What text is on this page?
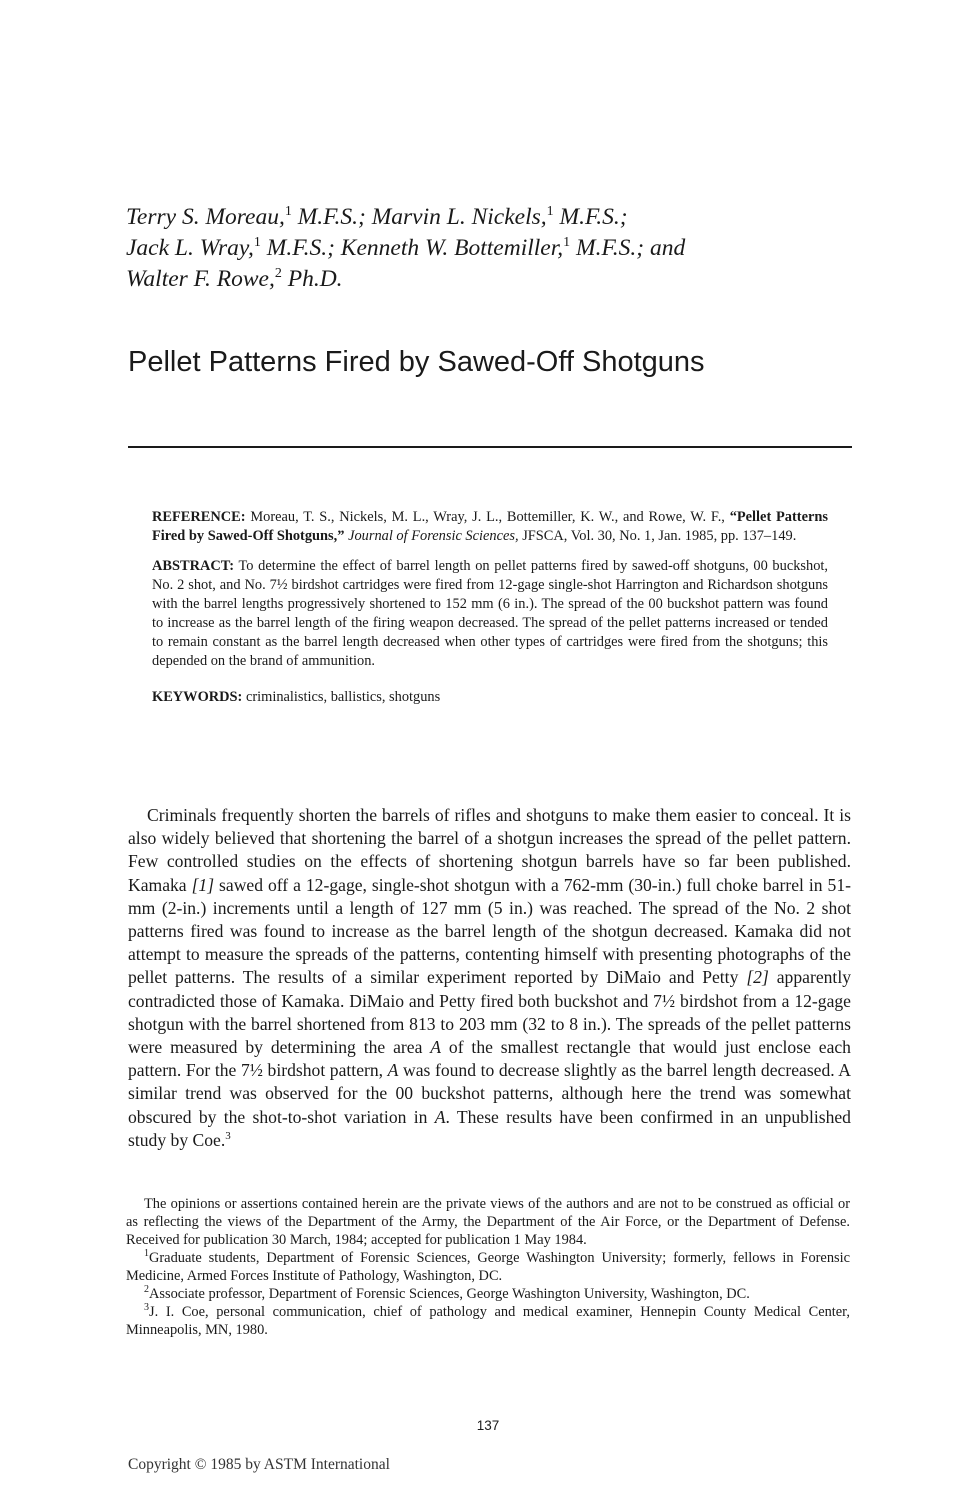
Terry S. Moreau,$^1$ M.F.S.; Marvin L. Nickels,$^1$ M.F.S.;
Jack L. Wray,$^1$ M.F.S.; Kenneth W. Bottemiller,$^1$ M.F.S.; and
Walter F. Rowe,$^2$ Ph.D.
Pellet Patterns Fired by Sawed-Off Shotguns

REFERENCE: Moreau, T. S., Nickels, M. L., Wray, J. L., Bottemiller, K. W., and Rowe, W. F., “Pellet Patterns Fired by Sawed-Off Shotguns,” Journal of Forensic Sciences, JFSCA, Vol. 30, No. 1, Jan. 1985, pp. 137–149.

ABSTRACT: To determine the effect of barrel length on pellet patterns fired by sawed-off shotguns, 00 buckshot, No. 2 shot, and No. 7½ birdshot cartridges were fired from 12-gage single-shot Harrington and Richardson shotguns with the barrel lengths progressively shortened to 152 mm (6 in.). The spread of the 00 buckshot pattern was found to increase as the barrel length of the firing weapon decreased. The spread of the pellet patterns increased or tended to remain constant as the barrel length decreased when other types of cartridges were fired from the shotguns; this depended on the brand of ammunition.

KEYWORDS: criminalistics, ballistics, shotguns

Criminals frequently shorten the barrels of rifles and shotguns to make them easier to conceal. It is also widely believed that shortening the barrel of a shotgun increases the spread of the pellet pattern. Few controlled studies on the effects of shortening shotgun barrels have so far been published. Kamaka [1] sawed off a 12-gage, single-shot shotgun with a 762-mm (30-in.) full choke barrel in 51-mm (2-in.) increments until a length of 127 mm (5 in.) was reached. The spread of the No. 2 shot patterns fired was found to increase as the barrel length of the shotgun decreased. Kamaka did not attempt to measure the spreads of the patterns, contenting himself with presenting photographs of the pellet patterns. The results of a similar experiment reported by DiMaio and Petty [2] apparently contradicted those of Kamaka. DiMaio and Petty fired both buckshot and 7½ birdshot from a 12-gage shotgun with the barrel shortened from 813 to 203 mm (32 to 8 in.). The spreads of the pellet patterns were measured by determining the area A of the smallest rectangle that would just enclose each pattern. For the 7½ birdshot pattern, A was found to decrease slightly as the barrel length decreased. A similar trend was observed for the 00 buckshot patterns, although here the trend was somewhat obscured by the shot-to-shot variation in A. These results have been confirmed in an unpublished study by Coe.$^3$

The opinions or assertions contained herein are the private views of the authors and are not to be construed as official or as reflecting the views of the Department of the Army, the Department of the Air Force, or the Department of Defense. Received for publication 30 March, 1984; accepted for publication 1 May 1984.

$^1$Graduate students, Department of Forensic Sciences, George Washington University; formerly, fellows in Forensic Medicine, Armed Forces Institute of Pathology, Washington, DC.

$^2$Associate professor, Department of Forensic Sciences, George Washington University, Washington, DC.

$^3$J. I. Coe, personal communication, chief of pathology and medical examiner, Hennepin County Medical Center, Minneapolis, MN, 1980.

137
Copyright © 1985 by ASTM International
